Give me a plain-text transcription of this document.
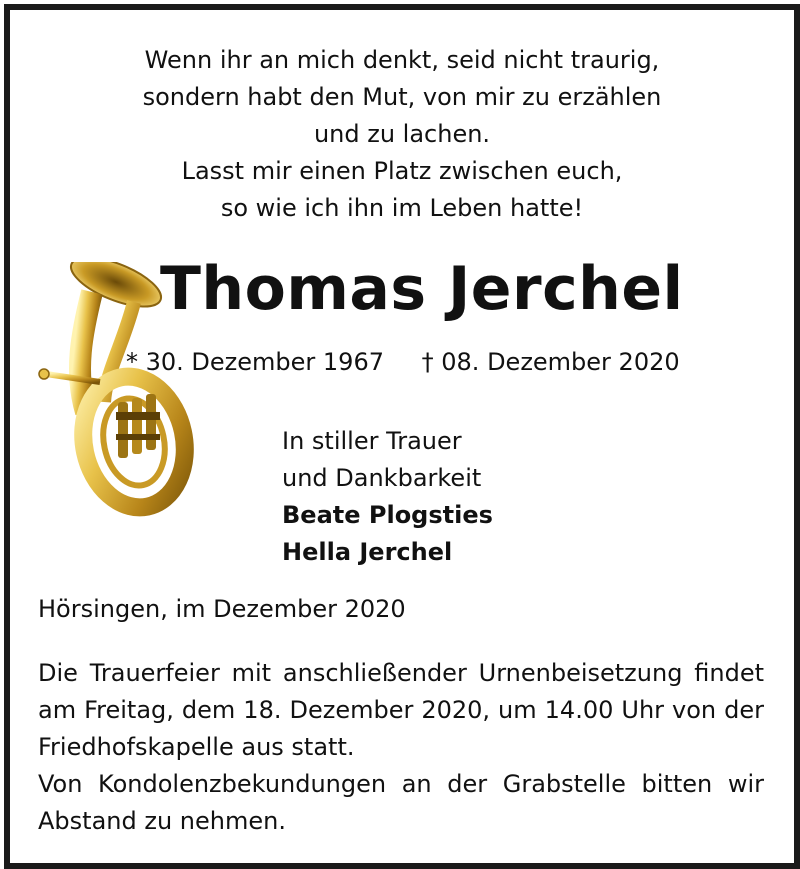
Wenn ihr an mich denkt, seid nicht traurig,
sondern habt den Mut, von mir zu erzählen
und zu lachen.
Lasst mir einen Platz zwischen euch,
so wie ich ihn im Leben hatte!
Thomas Jerchel
* 30. Dezember 1967 † 08. Dezember 2020
In stiller Trauer
und Dankbarkeit
Beate Plogsties
Hella Jerchel
Hörsingen, im Dezember 2020
Die Trauerfeier mit anschließender Urnenbeisetzung findet am Freitag, dem 18. Dezember 2020, um 14.00 Uhr von der Friedhofskapelle aus statt.
Von Kondolenzbekundungen an der Grabstelle bitten wir Abstand zu nehmen.
